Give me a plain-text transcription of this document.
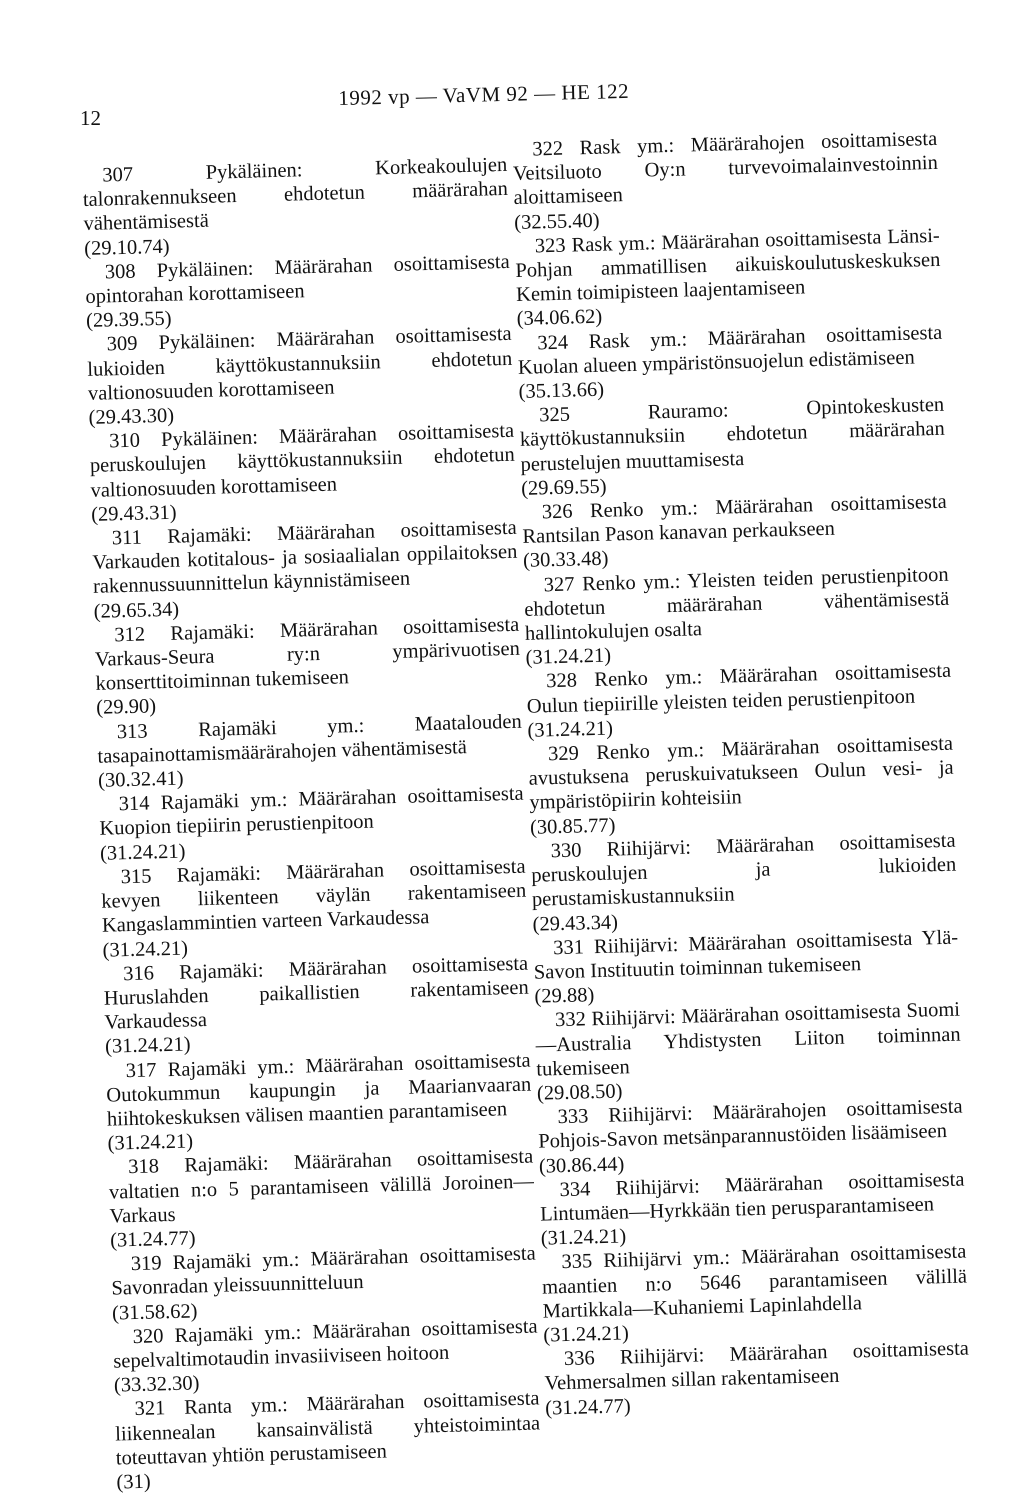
12
1992 vp — VaVM 92 — HE 122
307 Pykäläinen: Korkeakoulujen talonrakennukseen ehdotetun määrärahan vähentämisestä
(29.10.74)
308 Pykäläinen: Määrärahan osoittamisesta opintorahan korottamiseen
(29.39.55)
309 Pykäläinen: Määrärahan osoittamisesta lukioiden käyttökustannuksiin ehdotetun valtionosuuden korottamiseen
(29.43.30)
310 Pykäläinen: Määrärahan osoittamisesta peruskoulujen käyttökustannuksiin ehdotetun valtionosuuden korottamiseen
(29.43.31)
311 Rajamäki: Määrärahan osoittamisesta Varkauden kotitalous- ja sosiaalialan oppilaitoksen rakennussuunnittelun käynnistämiseen
(29.65.34)
312 Rajamäki: Määrärahan osoittamisesta Varkaus-Seura ry:n ympärivuotisen konserttitoiminnan tukemiseen
(29.90)
313 Rajamäki ym.: Maatalouden tasapainottamismäärärahojen vähentämisestä
(30.32.41)
314 Rajamäki ym.: Määrärahan osoittamisesta Kuopion tiepiirin perustienpitoon
(31.24.21)
315 Rajamäki: Määrärahan osoittamisesta kevyen liikenteen väylän rakentamiseen Kangaslammintien varteen Varkaudessa
(31.24.21)
316 Rajamäki: Määrärahan osoittamisesta Huruslahden paikallistien rakentamiseen Varkaudessa
(31.24.21)
317 Rajamäki ym.: Määrärahan osoittamisesta Outokummun kaupungin ja Maarianvaaran hiihtokeskuksen välisen maantien parantamiseen
(31.24.21)
318 Rajamäki: Määrärahan osoittamisesta valtatien n:o 5 parantamiseen välillä Joroinen—Varkaus
(31.24.77)
319 Rajamäki ym.: Määrärahan osoittamisesta Savonradan yleissuunnitteluun
(31.58.62)
320 Rajamäki ym.: Määrärahan osoittamisesta sepelvaltimotaudin invasiiviseen hoitoon
(33.32.30)
321 Ranta ym.: Määrärahan osoittamisesta liikennealan kansainvälistä yhteistoimintaa toteuttavan yhtiön perustamiseen
(31)
322 Rask ym.: Määrärahojen osoittamisesta Veitsiluoto Oy:n turvevoimalainvestoinnin aloittamiseen
(32.55.40)
323 Rask ym.: Määrärahan osoittamisesta Länsi-Pohjan ammatillisen aikuiskoulutuskeskuksen Kemin toimipisteen laajentamiseen
(34.06.62)
324 Rask ym.: Määrärahan osoittamisesta Kuolan alueen ympäristönsuojelun edistämiseen
(35.13.66)
325 Rauramo: Opintokeskusten käyttökustannuksiin ehdotetun määrärahan perustelujen muuttamisesta
(29.69.55)
326 Renko ym.: Määrärahan osoittamisesta Rantsilan Pason kanavan perkaukseen
(30.33.48)
327 Renko ym.: Yleisten teiden perustienpitoon ehdotetun määrärahan vähentämisestä hallintokulujen osalta
(31.24.21)
328 Renko ym.: Määrärahan osoittamisesta Oulun tiepiirille yleisten teiden perustienpitoon
(31.24.21)
329 Renko ym.: Määrärahan osoittamisesta avustuksena peruskuivatukseen Oulun vesi- ja ympäristöpiirin kohteisiin
(30.85.77)
330 Riihijärvi: Määrärahan osoittamisesta peruskoulujen ja lukioiden perustamiskustannuksiin
(29.43.34)
331 Riihijärvi: Määrärahan osoittamisesta Ylä-Savon Instituutin toiminnan tukemiseen
(29.88)
332 Riihijärvi: Määrärahan osoittamisesta Suomi—Australia Yhdistysten Liiton toiminnan tukemiseen
(29.08.50)
333 Riihijärvi: Määrärahojen osoittamisesta Pohjois-Savon metsänparannustöiden lisäämiseen
(30.86.44)
334 Riihijärvi: Määrärahan osoittamisesta Lintumäen—Hyrkkään tien perusparantamiseen
(31.24.21)
335 Riihijärvi ym.: Määrärahan osoittamisesta maantien n:o 5646 parantamiseen välillä Martikkala—Kuhaniemi Lapinlahdella
(31.24.21)
336 Riihijärvi: Määrärahan osoittamisesta Vehmersalmen sillan rakentamiseen
(31.24.77)
